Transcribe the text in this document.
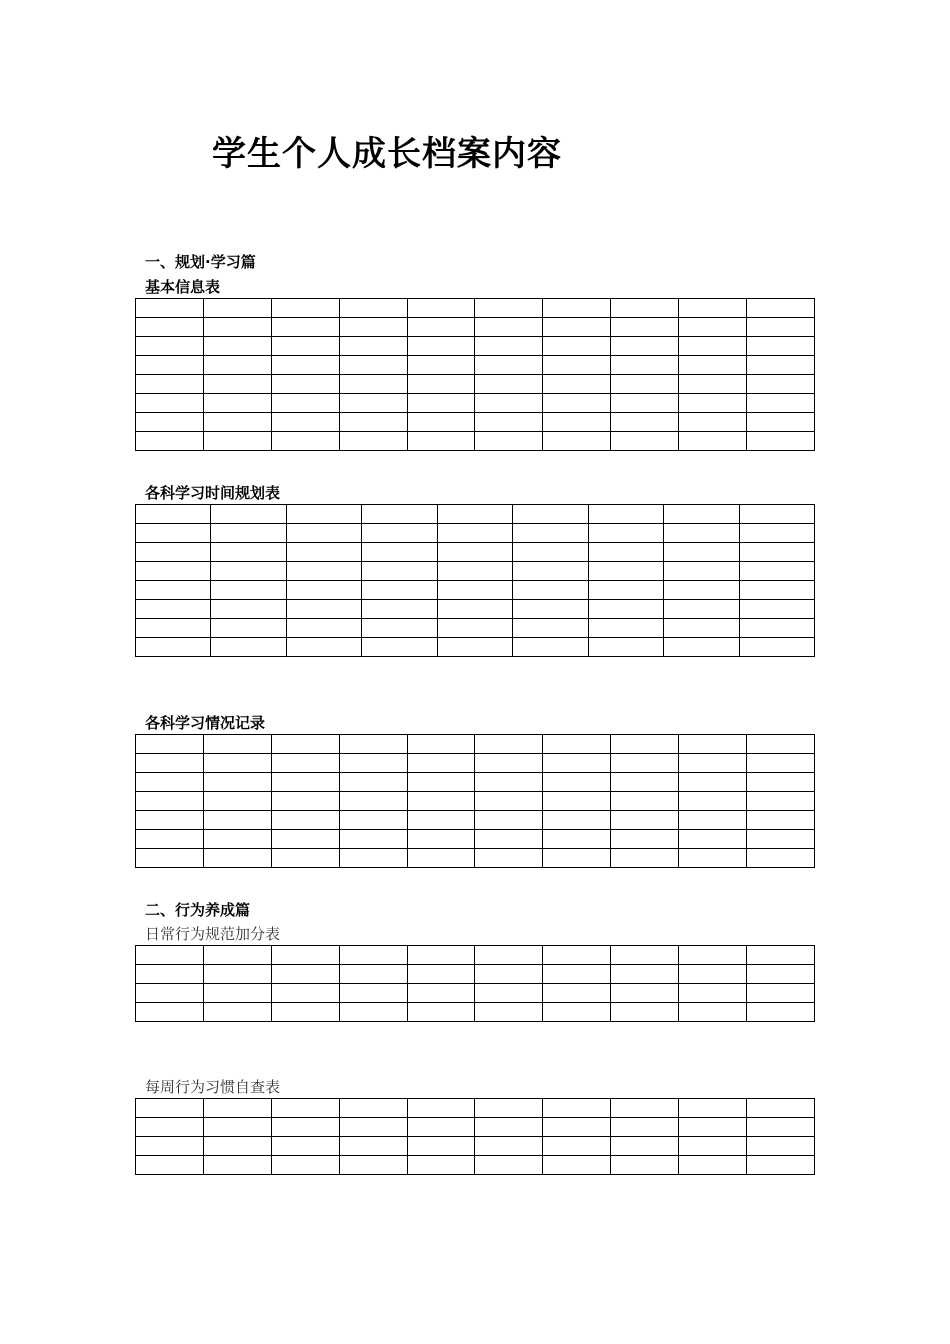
学生个人成长档案内容
一、规划·学习篇
基本信息表

各科学习时间规划表

各科学习情况记录

二、行为养成篇
日常行为规范加分表

每周行为习惯自查表
